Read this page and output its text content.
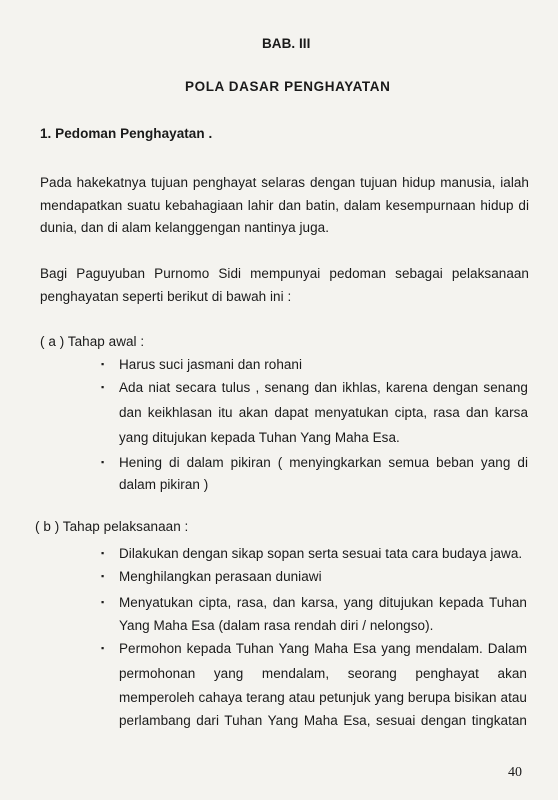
BAB. III
POLA DASAR PENGHAYATAN
1. Pedoman Penghayatan .
Pada hakekatnya tujuan penghayat selaras dengan tujuan hidup manusia, ialah
mendapatkan suatu kebahagiaan lahir dan batin, dalam kesempurnaan hidup di
dunia, dan di alam kelanggengan nantinya juga.
Bagi Paguyuban Purnomo Sidi mempunyai pedoman sebagai pelaksanaan
penghayatan seperti berikut di bawah ini :
( a ) Tahap awal :
▪ Harus suci jasmani dan rohani
▪ Ada niat secara tulus , senang dan ikhlas, karena dengan senang
dan keikhlasan itu akan dapat menyatukan cipta, rasa dan karsa
yang ditujukan kepada Tuhan Yang Maha Esa.
▪ Hening di dalam pikiran ( menyingkarkan semua beban yang di
dalam pikiran )
( b ) Tahap pelaksanaan :
▪ Dilakukan dengan sikap sopan serta sesuai tata cara budaya jawa.
▪ Menghilangkan perasaan duniawi
▪ Menyatukan cipta, rasa, dan karsa, yang ditujukan kepada Tuhan
Yang Maha Esa (dalam rasa rendah diri / nelongso).
▪ Permohon kepada Tuhan Yang Maha Esa yang mendalam. Dalam
permohonan yang mendalam, seorang penghayat akan
memperoleh cahaya terang atau petunjuk yang berupa bisikan atau
perlambang dari Tuhan Yang Maha Esa, sesuai dengan tingkatan
40
